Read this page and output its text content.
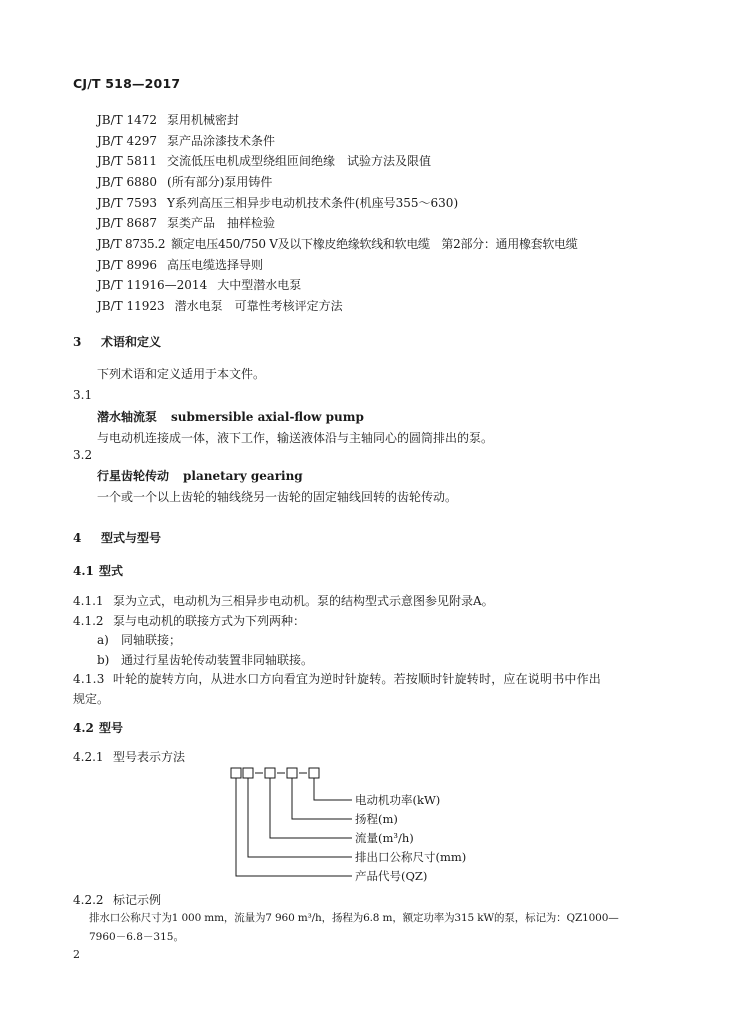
CJ/T 518—2017
JB/T 1472 泵用机械密封
JB/T 4297 泵产品涂漆技术条件
JB/T 5811 交流低压电机成型绕组匝间绝缘　试验方法及限值
JB/T 6880 (所有部分)泵用铸件
JB/T 7593 Y系列高压三相异步电动机技术条件(机座号355～630)
JB/T 8687 泵类产品　抽样检验
JB/T 8735.2 额定电压450/750 V及以下橡皮绝缘软线和软电缆　第2部分：通用橡套软电缆
JB/T 8996 高压电缆选择导则
JB/T 11916—2014 大中型潜水电泵
JB/T 11923 潜水电泵　可靠性考核评定方法
3 术语和定义
下列术语和定义适用于本文件。
3.1
潜水轴流泵 submersible axial-flow pump
与电动机连接成一体，液下工作，输送液体沿与主轴同心的圆筒排出的泵。
3.2
行星齿轮传动 planetary gearing
一个或一个以上齿轮的轴线绕另一齿轮的固定轴线回转的齿轮传动。
4 型式与型号
4.1 型式
4.1.1 泵为立式，电动机为三相异步电动机。泵的结构型式示意图参见附录A。
4.1.2 泵与电动机的联接方式为下列两种：
a) 同轴联接；
b) 通过行星齿轮传动装置非同轴联接。
4.1.3 叶轮的旋转方向，从进水口方向看宜为逆时针旋转。若按顺时针旋转时，应在说明书中作出
规定。
4.2 型号
4.2.1 型号表示方法
电动机功率(kW)
扬程(m)
流量(m³/h)
排出口公称尺寸(mm)
产品代号(QZ)
4.2.2 标记示例
排水口公称尺寸为1 000 mm，流量为7 960 m³/h，扬程为6.8 m，额定功率为315 kW的泵，标记为：QZ1000—
7960－6.8－315。
2
